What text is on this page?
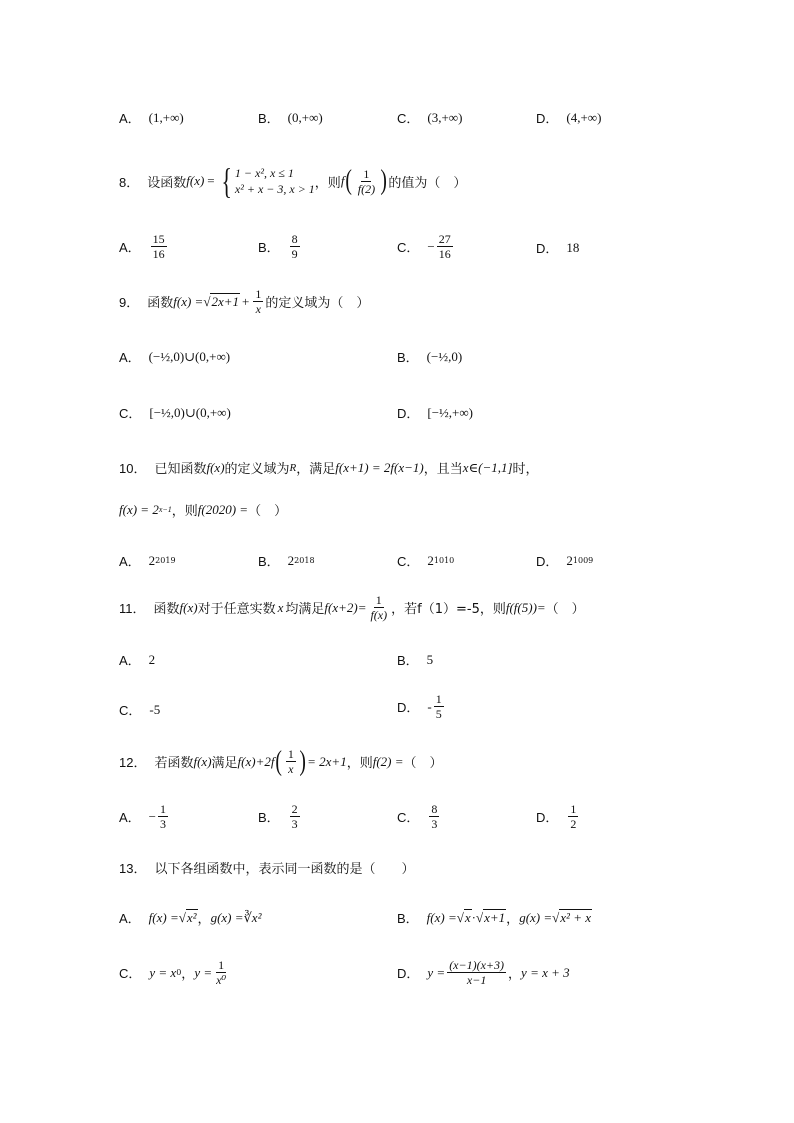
A． (1,+∞)	B． (0,+∞)	C． (3,+∞)	D． (4,+∞)
8． 设函数 f(x) = { 1 − x², x ≤ 1
x² + x − 3, x > 1 ，则 f ( $\frac{1}{f(2)}$ ) 的值为（　）
A． $\frac{15}{16}$	B． $\frac{8}{9}$	C． − $\frac{27}{16}$	D． 18
9． 函数 f(x) = √ $2x+1 + \frac{1}{x}$ 的定义域为（　）
A． (−½,0)∪(0,+∞)	B． (−½,0)
C． [−½,0)∪(0,+∞)	D． [−½,+∞)
10． 已知函数 f(x) 的定义域为 R ，满足 f(x+1) = 2f(x−1) ，且当 x∈(−1,1] 时，
f(x) = 2 x−1 ，则 f(2020) = （　）
A． 2 2019	B． 2 2018	C． 2 1010	D． 2 1009
11． 函数 f(x) 对于任意实数 x 均满足 $f(x+2)= \frac{1}{f(x)}$ ，若 f（1）=-5 ，则 f(f(5))= （　）
A． 2	B． 5
C． -5	D． - $\frac{1}{5}$
12． 若函数 f(x) 满足 f(x)+2f ( $\frac{1}{x}$ ) = 2x+1 ，则 f(2) = （　）
A． − $\frac{1}{3}$	B． $\frac{2}{3}$	C． $\frac{8}{3}$	D． $\frac{1}{2}$
13． 以下各组函数中，表示同一函数的是（　　）
A． f(x) = √ x² ， g(x) = ∛x²	B． f(x) = √ x ·√ x+1 ， g(x) = √ x² + x
C． y = x 0 ， $y = \frac{1}{\text{x⁰}}$	D． $y = \frac{(x-1)(x+3)}{x-1}$ ， y = x + 3
